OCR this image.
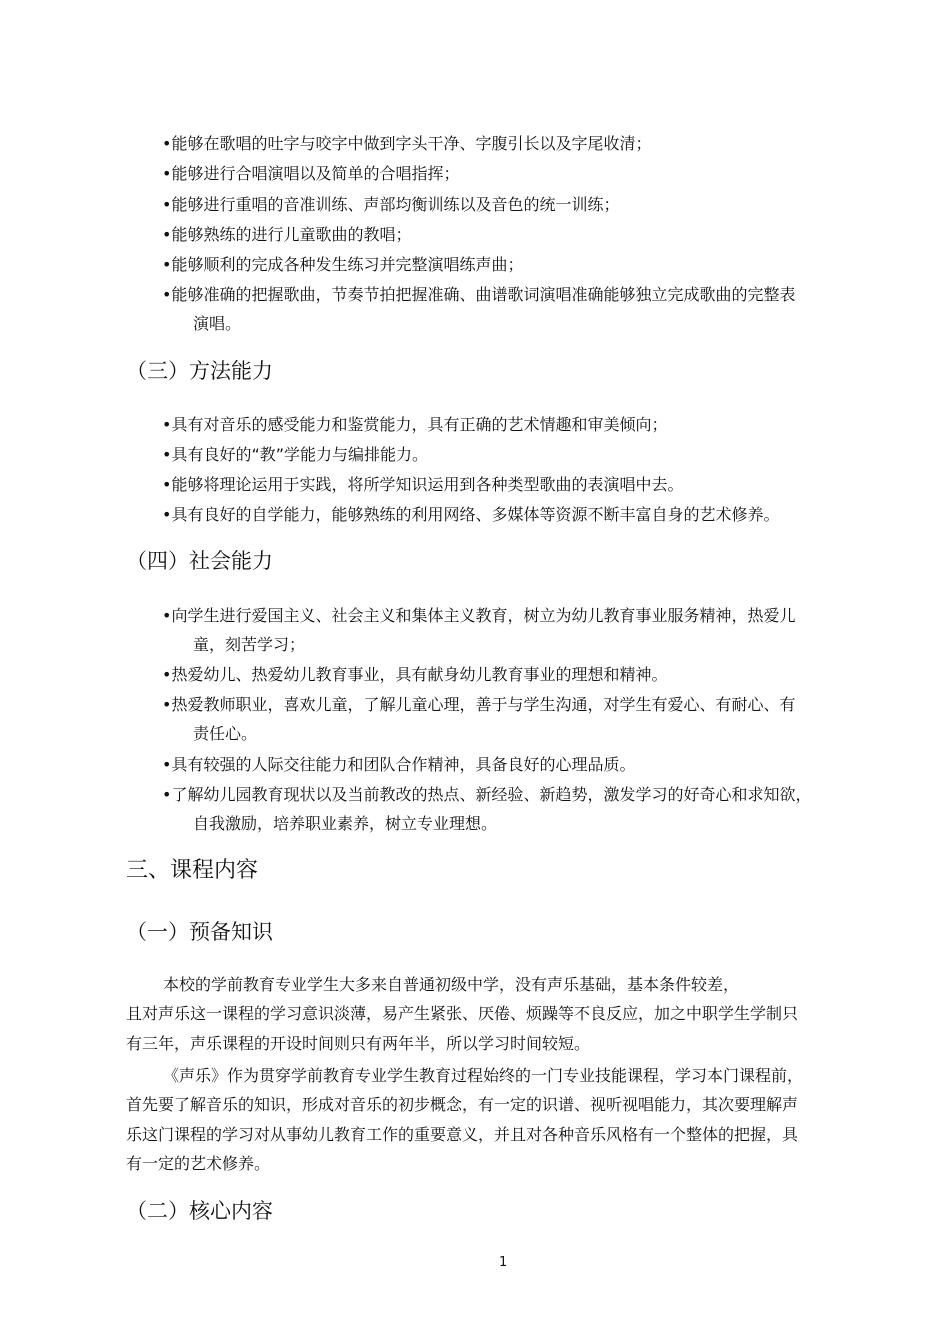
•能够在歌唱的吐字与咬字中做到字头干净、字腹引长以及字尾收清；
•能够进行合唱演唱以及简单的合唱指挥；
•能够进行重唱的音准训练、声部均衡训练以及音色的统一训练；
•能够熟练的进行儿童歌曲的教唱；
•能够顺利的完成各种发生练习并完整演唱练声曲；
•能够准确的把握歌曲，节奏节拍把握准确、曲谱歌词演唱准确能够独立完成歌曲的完整表
演唱。
（三）方法能力
•具有对音乐的感受能力和鉴赏能力，具有正确的艺术情趣和审美倾向；
•具有良好的“教”学能力与编排能力。
•能够将理论运用于实践，将所学知识运用到各种类型歌曲的表演唱中去。
•具有良好的自学能力，能够熟练的利用网络、多媒体等资源不断丰富自身的艺术修养。
（四）社会能力
•向学生进行爱国主义、社会主义和集体主义教育，树立为幼儿教育事业服务精神，热爱儿
童，刻苦学习；
•热爱幼儿、热爱幼儿教育事业，具有献身幼儿教育事业的理想和精神。
•热爱教师职业，喜欢儿童，了解儿童心理，善于与学生沟通，对学生有爱心、有耐心、有
责任心。
•具有较强的人际交往能力和团队合作精神，具备良好的心理品质。
•了解幼儿园教育现状以及当前教改的热点、新经验、新趋势，激发学习的好奇心和求知欲，
自我激励，培养职业素养，树立专业理想。
三、课程内容
（一）预备知识
本校的学前教育专业学生大多来自普通初级中学，没有声乐基础，基本条件较差，
且对声乐这一课程的学习意识淡薄，易产生紧张、厌倦、烦躁等不良反应，加之中职学生学制只
有三年，声乐课程的开设时间则只有两年半，所以学习时间较短。
《声乐》作为贯穿学前教育专业学生教育过程始终的一门专业技能课程，学习本门课程前，
首先要了解音乐的知识，形成对音乐的初步概念，有一定的识谱、视听视唱能力，其次要理解声
乐这门课程的学习对从事幼儿教育工作的重要意义，并且对各种音乐风格有一个整体的把握，具
有一定的艺术修养。
（二）核心内容
1
